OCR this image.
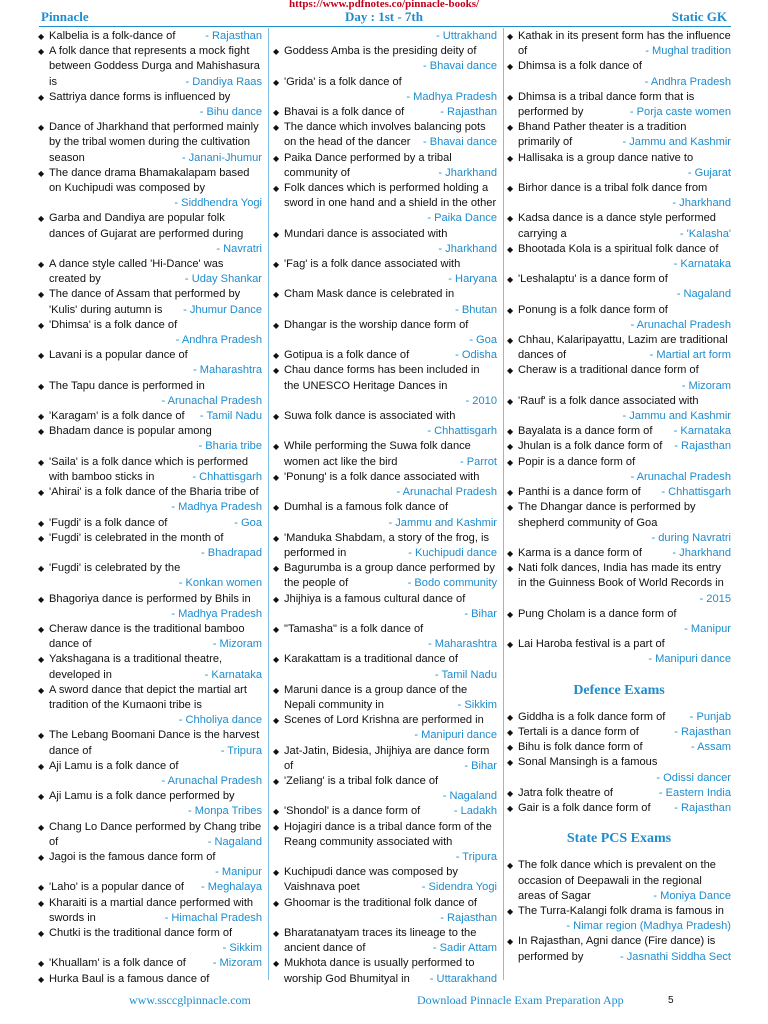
https://www.pdfnotes.co/pinnacle-books/
Pinnacle	Day : 1st - 7th	Static GK
◆ Kalbelia is a folk-dance of	- Rajasthan
◆ A folk dance that represents a mock fight between Goddess Durga and Mahishasura is	- Dandiya Raas
◆ Sattriya dance forms is influenced by
- Bihu dance
◆ Dance of Jharkhand that performed mainly by the tribal women during the cultivation season	- Janani-Jhumur
◆ The dance drama Bhamakalapam based on Kuchipudi was composed by
- Siddhendra Yogi
◆ Garba and Dandiya are popular folk dances of Gujarat are performed during
- Navratri
◆ A dance style called 'Hi-Dance' was created by	- Uday Shankar
◆ The dance of Assam that performed by 'Kulis' during autumn is - Jhumur Dance
◆ 'Dhimsa' is a folk dance of
- Andhra Pradesh
◆ Lavani is a popular dance of
- Maharashtra
◆ The Tapu dance is performed in
- Arunachal Pradesh
◆ 'Karagam' is a folk dance of - Tamil Nadu
◆ Bhadam dance is popular among
- Bharia tribe
◆ 'Saila' is a folk dance which is performed with bamboo sticks in	- Chhattisgarh
◆ 'Ahirai' is a folk dance of the Bharia tribe of
- Madhya Pradesh
◆ 'Fugdi' is a folk dance of	- Goa
◆ 'Fugdi' is celebrated in the month of
- Bhadrapad
◆ 'Fugdi' is celebrated by the
- Konkan women
◆ Bhagoriya dance is performed by Bhils in
- Madhya Pradesh
◆ Cheraw dance is the traditional bamboo dance of	- Mizoram
◆ Yakshagana is a traditional theatre, developed in	- Karnataka
◆ A sword dance that depict the martial art tradition of the Kumaoni tribe is
- Chholiya dance
◆ The Lebang Boomani Dance is the harvest dance of	- Tripura
◆ Aji Lamu is a folk dance of
- Arunachal Pradesh
◆ Aji Lamu is a folk dance performed by
- Monpa Tribes
◆ Chang Lo Dance performed by Chang tribe of	- Nagaland
◆ Jagoi is the famous dance form of
- Manipur
◆ 'Laho' is a popular dance of - Meghalaya
◆ Kharaiti is a martial dance performed with swords in	- Himachal Pradesh
◆ Chutki is the traditional dance form of
- Sikkim
◆ 'Khuallam' is a folk dance of - Mizoram
◆ Hurka Baul is a famous dance of
- Uttrakhand
◆ Goddess Amba is the presiding deity of
- Bhavai dance
◆ 'Grida' is a folk dance of
- Madhya Pradesh
◆ Bhavai is a folk dance of	- Rajasthan
◆ The dance which involves balancing pots on the head of the dancer - Bhavai dance
◆ Paika Dance performed by a tribal community of	- Jharkhand
◆ Folk dances which is performed holding a sword in one hand and a shield in the other
- Paika Dance
◆ Mundari dance is associated with
- Jharkhand
◆ 'Fag' is a folk dance associated with
- Haryana
◆ Cham Mask dance is celebrated in
- Bhutan
◆ Dhangar is the worship dance form of
- Goa
◆ Gotipua is a folk dance of	- Odisha
◆ Chau dance forms has been included in the UNESCO Heritage Dances in
- 2010
◆ Suwa folk dance is associated with
- Chhattisgarh
◆ While performing the Suwa folk dance women act like the bird	- Parrot
◆ 'Ponung' is a folk dance associated with
- Arunachal Pradesh
◆ Dumhal is a famous folk dance of
- Jammu and Kashmir
◆ 'Manduka Shabdam, a story of the frog, is performed in	- Kuchipudi dance
◆ Bagurumba is a group dance performed by the people of	- Bodo community
◆ Jhijhiya is a famous cultural dance of
- Bihar
◆ "Tamasha" is a folk dance of
- Maharashtra
◆ Karakattam is a traditional dance of
- Tamil Nadu
◆ Maruni dance is a group dance of the Nepali community in	- Sikkim
◆ Scenes of Lord Krishna are performed in
- Manipuri dance
◆ Jat-Jatin, Bidesia, Jhijhiya are dance form of	- Bihar
◆ 'Zeliang' is a tribal folk dance of
- Nagaland
◆ 'Shondol' is a dance form of	- Ladakh
◆ Hojagiri dance is a tribal dance form of the Reang community associated with
- Tripura
◆ Kuchipudi dance was composed by Vaishnava poet	- Sidendra Yogi
◆ Ghoomar is the traditional folk dance of
- Rajasthan
◆ Bharatanatyam traces its lineage to the ancient dance of	- Sadir Attam
◆ Mukhota dance is usually performed to worship God Bhumityal in - Uttarakhand
◆ Kathak in its present form has the influence of	- Mughal tradition
◆ Dhimsa is a folk dance of
- Andhra Pradesh
◆ Dhimsa is a tribal dance form that is performed by	- Porja caste women
◆ Bhand Pather theater is a tradition primarily of	- Jammu and Kashmir
◆ Hallisaka is a group dance native to
- Gujarat
◆ Birhor dance is a tribal folk dance from
- Jharkhand
◆ Kadsa dance is a dance style performed carrying a	- 'Kalasha'
◆ Bhootada Kola is a spiritual folk dance of
- Karnataka
◆ 'Leshalaptu' is a dance form of
- Nagaland
◆ Ponung is a folk dance form of
- Arunachal Pradesh
◆ Chhau, Kalaripayattu, Lazim are traditional dances of	- Martial art form
◆ Cheraw is a traditional dance form of
- Mizoram
◆ 'Rauf' is a folk dance associated with
- Jammu and Kashmir
◆ Bayalata is a dance form of - Karnataka
◆ Jhulan is a folk dance form of - Rajasthan
◆ Popir is a dance form of
- Arunachal Pradesh
◆ Panthi is a dance form of - Chhattisgarh
◆ The Dhangar dance is performed by shepherd community of Goa
- during Navratri
◆ Karma is a dance form of	- Jharkhand
◆ Nati folk dances, India has made its entry in the Guinness Book of World Records in
- 2015
◆ Pung Cholam is a dance form of
- Manipur
◆ Lai Haroba festival is a part of
- Manipuri dance
Defence Exams
◆ Giddha is a folk dance form of - Punjab
◆ Tertali is a dance form of	- Rajasthan
◆ Bihu is folk dance form of	- Assam
◆ Sonal Mansingh is a famous
- Odissi dancer
◆ Jatra folk theatre of	- Eastern India
◆ Gair is a folk dance form of - Rajasthan
State PCS Exams
◆ The folk dance which is prevalent on the occasion of Deepawali in the regional areas of Sagar	- Moniya Dance
◆ The Turra-Kalangi folk drama is famous in
- Nimar region (Madhya Pradesh)
◆ In Rajasthan, Agni dance (Fire dance) is performed by	- Jasnathi Siddha Sect
www.ssccglpinnacle.com	Download Pinnacle Exam Preparation App	5
